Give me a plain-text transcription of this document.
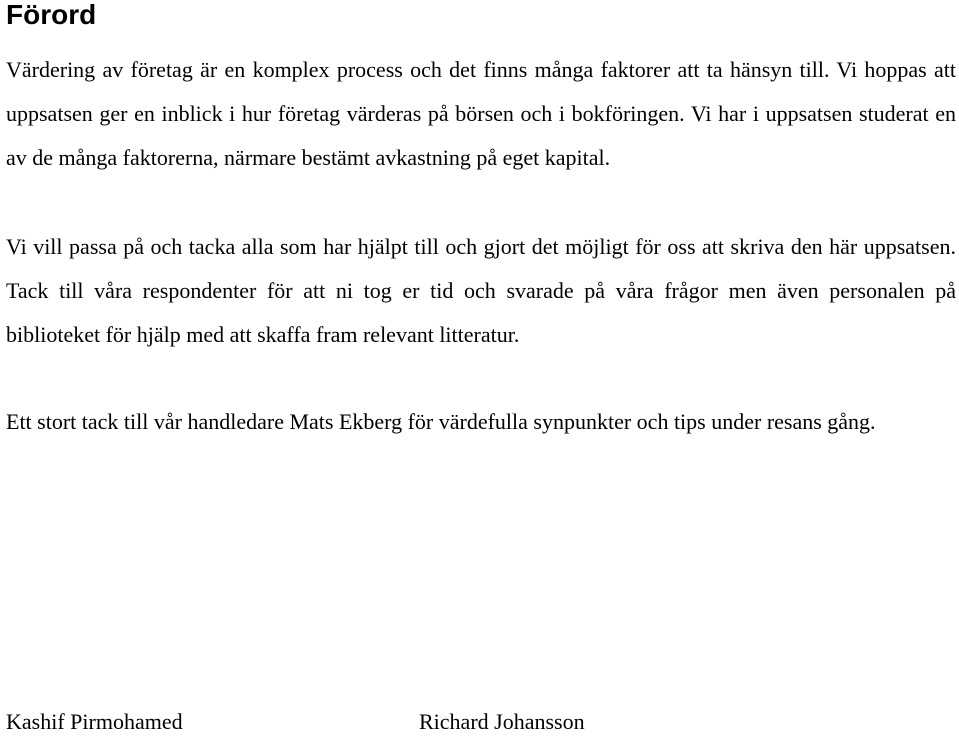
Förord

Värdering av företag är en komplex process och det finns många faktorer att ta hänsyn till. Vi hoppas att uppsatsen ger en inblick i hur företag värderas på börsen och i bokföringen. Vi har i uppsatsen studerat en av de många faktorerna, närmare bestämt avkastning på eget kapital.

Vi vill passa på och tacka alla som har hjälpt till och gjort det möjligt för oss att skriva den här uppsatsen. Tack till våra respondenter för att ni tog er tid och svarade på våra frågor men även personalen på biblioteket för hjälp med att skaffa fram relevant litteratur.

Ett stort tack till vår handledare Mats Ekberg för värdefulla synpunkter och tips under resans gång.

Kashif Pirmohamed	Richard Johansson
